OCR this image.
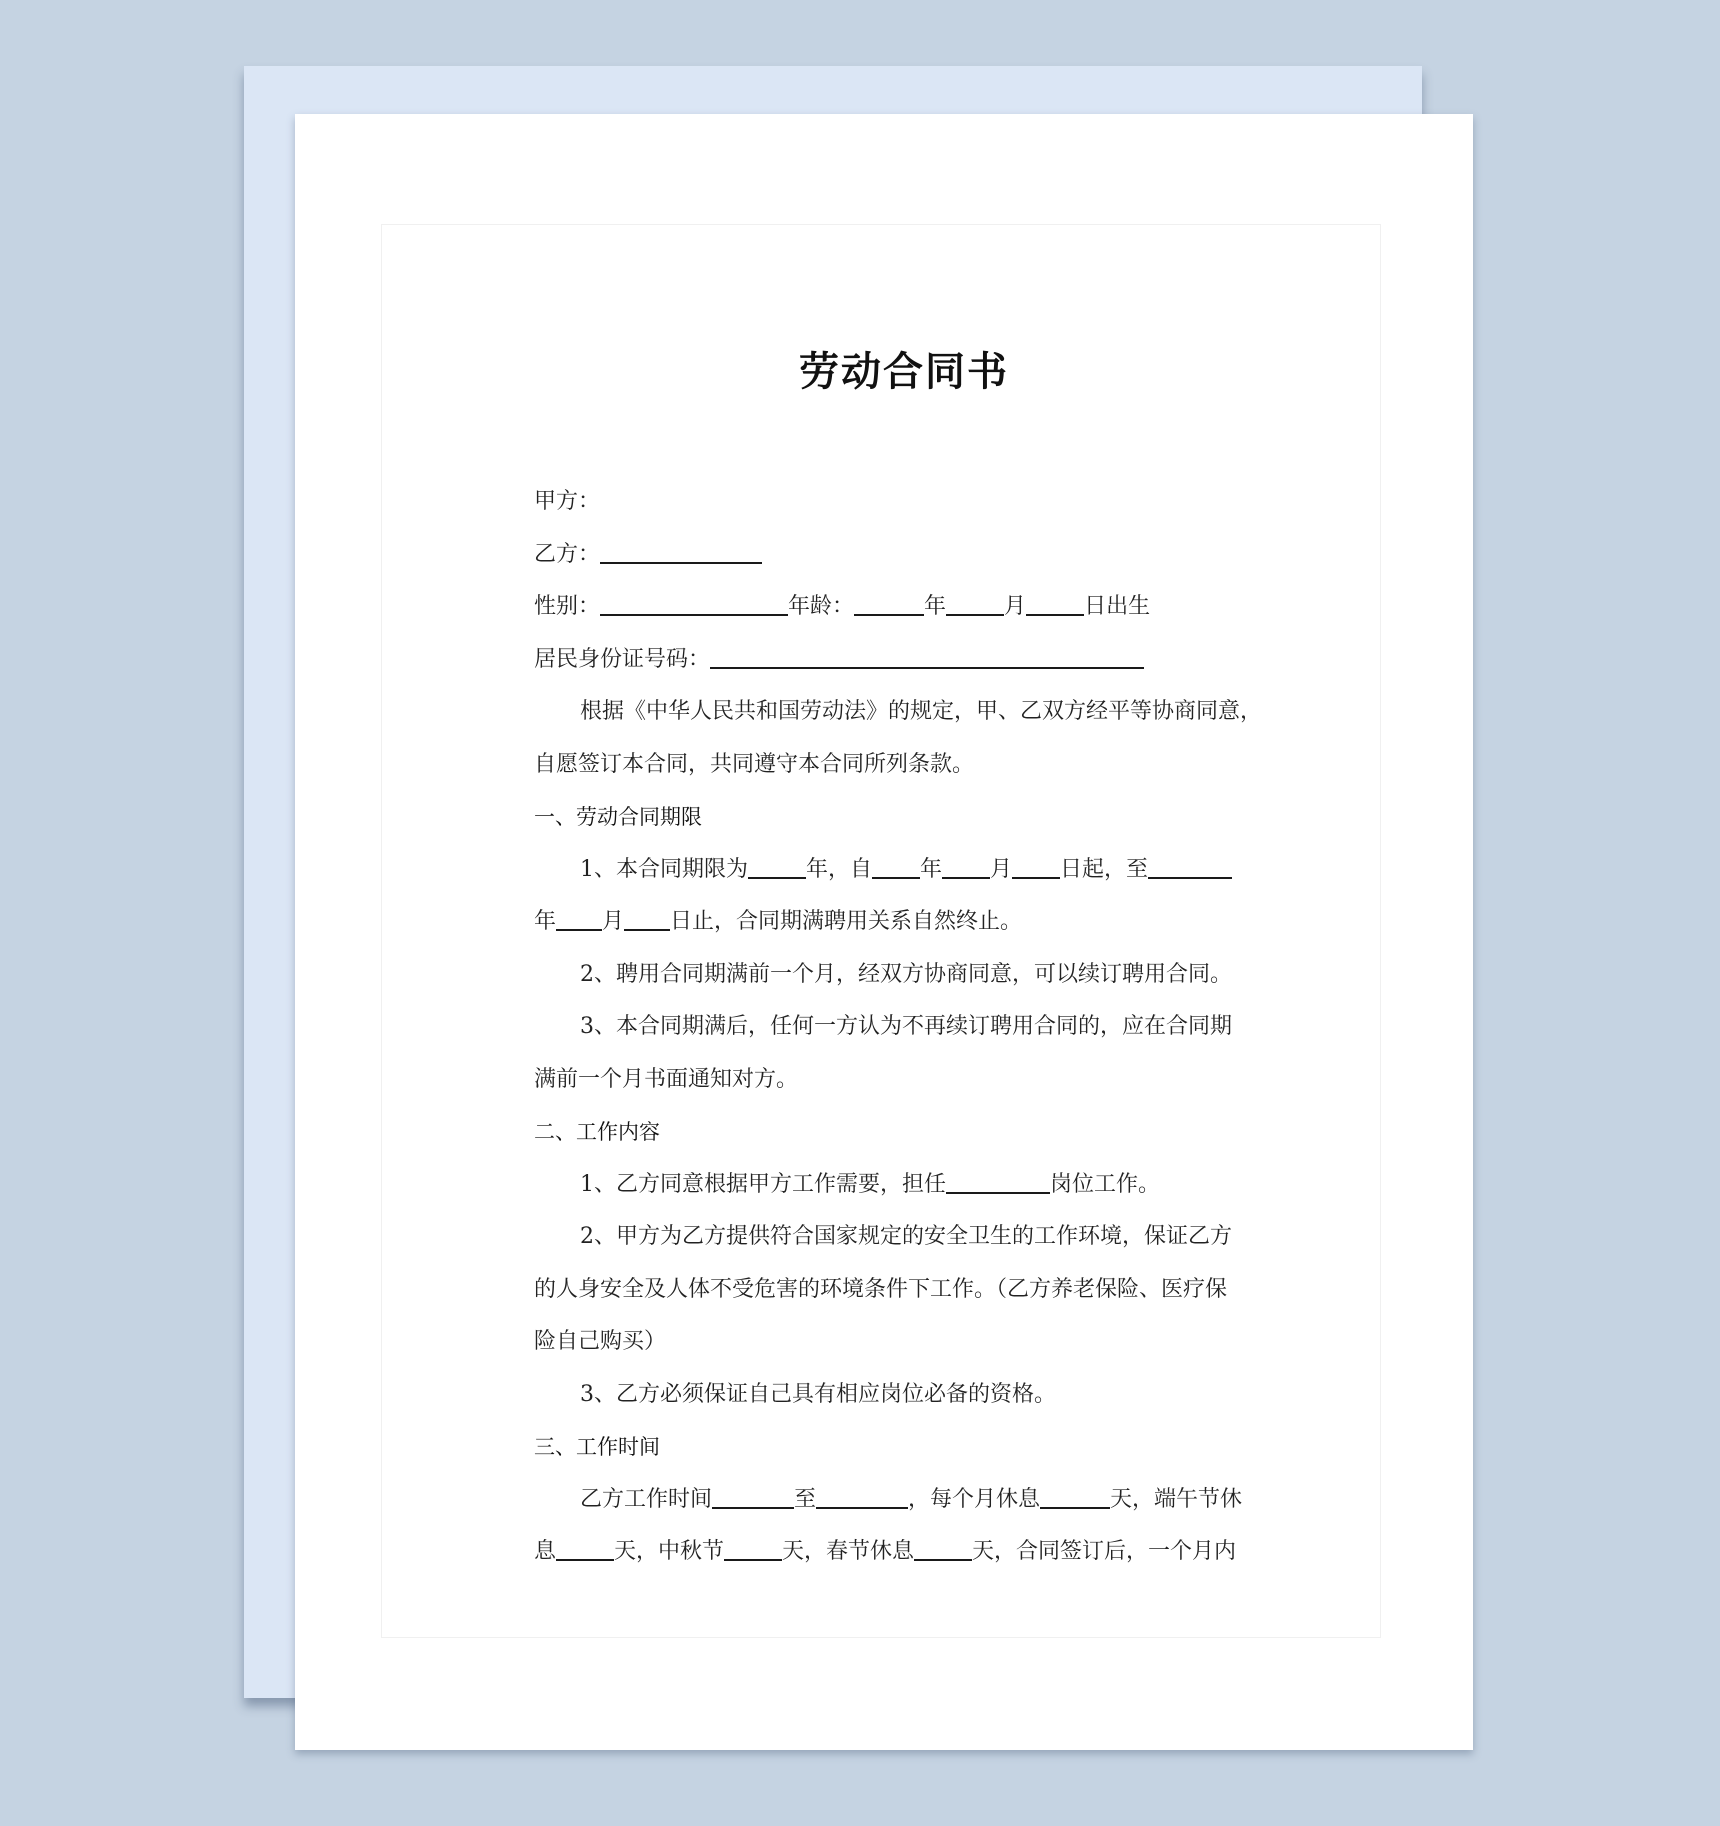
劳动合同书

甲方：

乙方：

性别：	年龄：	年	月	日出生

居民身份证号码：

根据《中华人民共和国劳动法》的规定，甲、乙双方经平等协商同意，

自愿签订本合同，共同遵守本合同所列条款。

一、劳动合同期限

1、本合同期限为	年，自 年 月 日起，至

年 月 日止，合同期满聘用关系自然终止。

2、聘用合同期满前一个月，经双方协商同意，可以续订聘用合同。

3、本合同期满后，任何一方认为不再续订聘用合同的，应在合同期

满前一个月书面通知对方。

二、工作内容

1、乙方同意根据甲方工作需要，担任	岗位工作。

2、甲方为乙方提供符合国家规定的安全卫生的工作环境，保证乙方

的人身安全及人体不受危害的环境条件下工作。（乙方养老保险、医疗保

险自己购买）

3、乙方必须保证自己具有相应岗位必备的资格。

三、工作时间

乙方工作时间	至	，每个月休息	天，端午节休

息	天，中秋节	天，春节休息	天，合同签订后，一个月内
